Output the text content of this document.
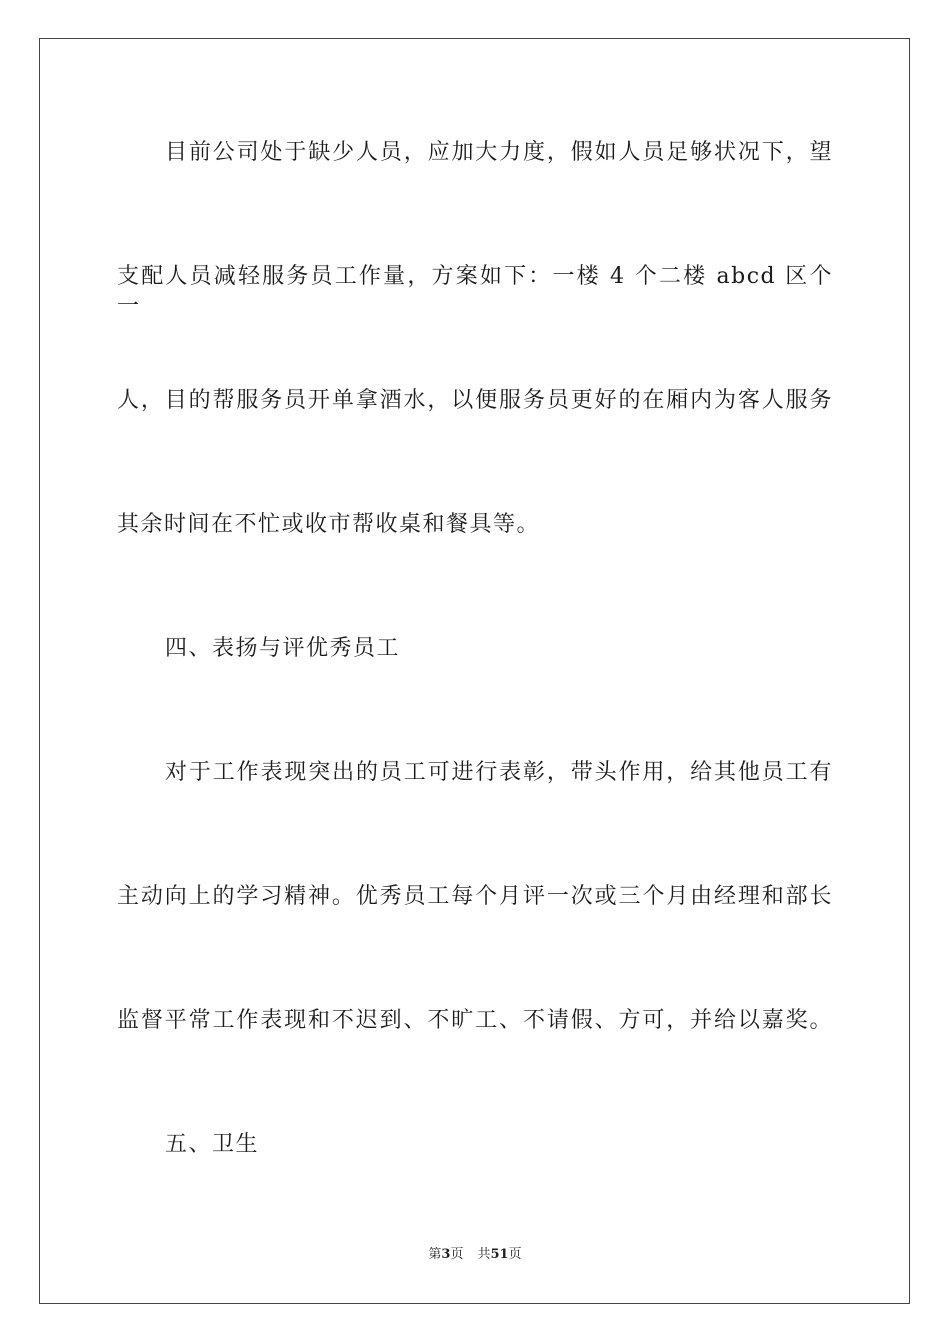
目前公司处于缺少人员，应加大力度，假如人员足够状况下，望
支配人员减轻服务员工作量，方案如下：一楼 4 个二楼 abcd 区个一
人，目的帮服务员开单拿酒水，以便服务员更好的在厢内为客人服务
其余时间在不忙或收市帮收桌和餐具等。
四、表扬与评优秀员工
对于工作表现突出的员工可进行表彰，带头作用，给其他员工有
主动向上的学习精神。优秀员工每个月评一次或三个月由经理和部长
监督平常工作表现和不迟到、不旷工、不请假、方可，并给以嘉奖。
五、卫生
第3页 共51页
